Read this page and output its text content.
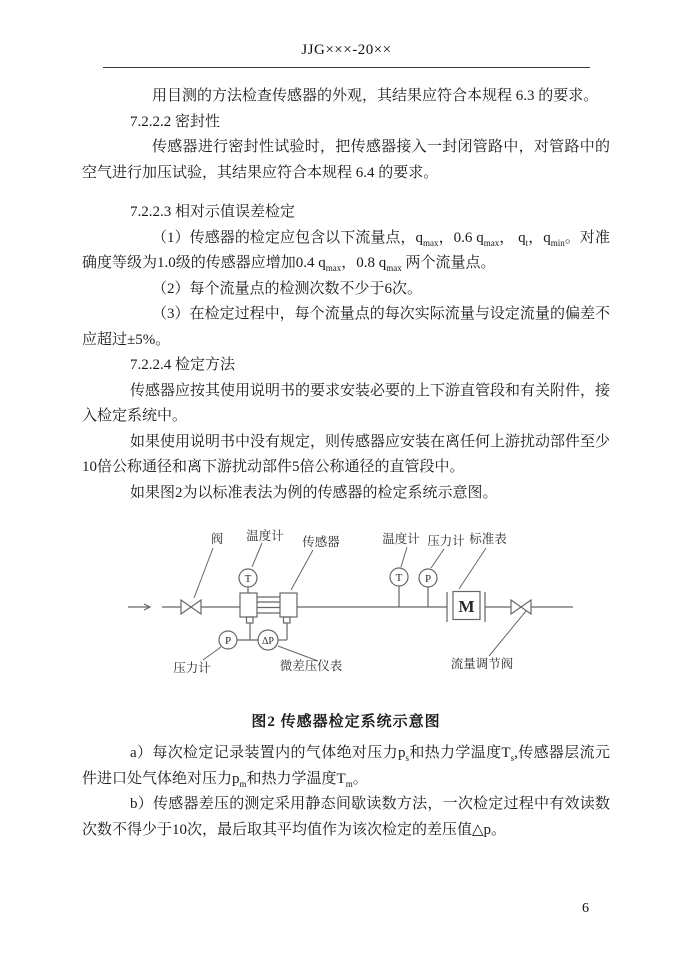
JJG×××-20××

用目测的方法检查传感器的外观，其结果应符合本规程 6.3 的要求。

7.2.2.2 密封性

传感器进行密封性试验时，把传感器接入一封闭管路中，对管路中的空气进行加压试验，其结果应符合本规程 6.4 的要求。

7.2.2.3 相对示值误差检定

（1）传感器的检定应包含以下流量点，$q_{max}$，0.6 $q_{max}$， $q_t$，$q_{min}$。对准确度等级为1.0级的传感器应增加0.4 $q_{max}$，0.8 $q_{max}$ 两个流量点。

（2）每个流量点的检测次数不少于6次。

（3）在检定过程中，每个流量点的每次实际流量与设定流量的偏差不应超过±5%。

7.2.2.4 检定方法

传感器应按其使用说明书的要求安装必要的上下游直管段和有关附件，接入检定系统中。

如果使用说明书中没有规定，则传感器应安装在离任何上游扰动部件至少10倍公称通径和离下游扰动部件5倍公称通径的直管段中。

如果图2为以标准表法为例的传感器的检定系统示意图。

T
P	ΔP
T P
M
阀 温度计 传感器	温度计 压力计 标准表
压力计	微差压仪表	流量调节阀
图2 传感器检定系统示意图

a）每次检定记录装置内的气体绝对压力$p_s$和热力学温度$T_s$,传感器层流元件进口处气体绝对压力$p_m$和热力学温度$T_m$。

b）传感器差压的测定采用静态间歇读数方法，一次检定过程中有效读数次数不得少于10次，最后取其平均值作为该次检定的差压值△p。

6
